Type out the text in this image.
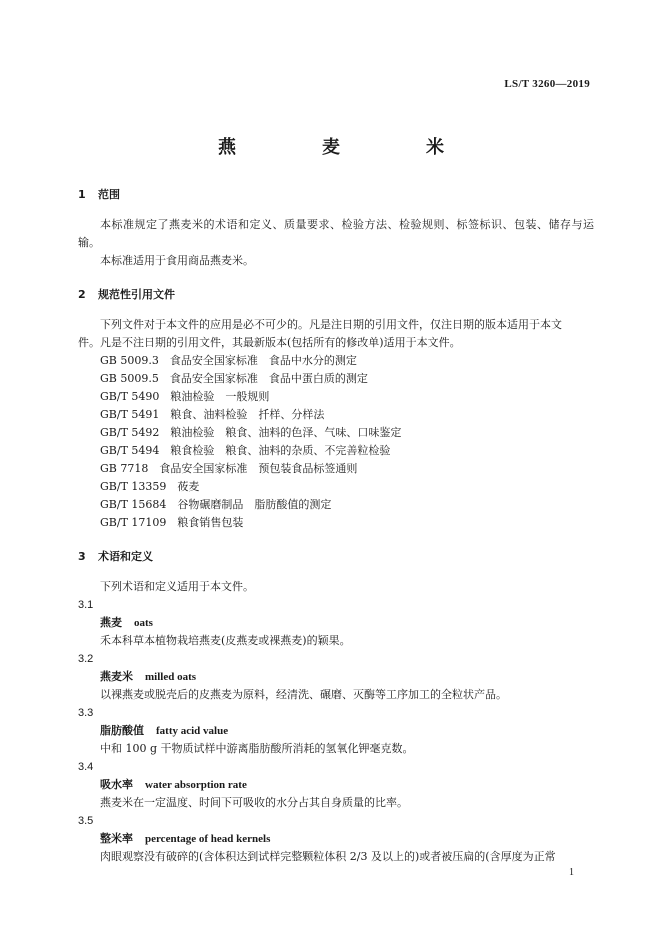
LS/T 3260—2019
燕　麦　米

1 范围

本标准规定了燕麦米的术语和定义、质量要求、检验方法、检验规则、标签标识、包装、储存与运输。

本标准适用于食用商品燕麦米。

2 规范性引用文件

下列文件对于本文件的应用是必不可少的。凡是注日期的引用文件，仅注日期的版本适用于本文

件。凡是不注日期的引用文件，其最新版本(包括所有的修改单)适用于本文件。

GB 5009.3　食品安全国家标准　食品中水分的测定

GB 5009.5　食品安全国家标准　食品中蛋白质的测定

GB/T 5490　粮油检验　一般规则

GB/T 5491　粮食、油料检验　扦样、分样法

GB/T 5492　粮油检验　粮食、油料的色泽、气味、口味鉴定

GB/T 5494　粮食检验　粮食、油料的杂质、不完善粒检验

GB 7718　食品安全国家标准　预包装食品标签通则

GB/T 13359　莜麦

GB/T 15684　谷物碾磨制品　脂肪酸值的测定

GB/T 17109　粮食销售包装

3 术语和定义

下列术语和定义适用于本文件。

3.1

燕麦 oats

禾本科草本植物栽培燕麦(皮燕麦或裸燕麦)的颖果。

3.2

燕麦米 milled oats

以裸燕麦或脱壳后的皮燕麦为原料，经清洗、碾磨、灭酶等工序加工的全粒状产品。

3.3

脂肪酸值 fatty acid value

中和 100 g 干物质试样中游离脂肪酸所消耗的氢氧化钾毫克数。

3.4

吸水率 water absorption rate

燕麦米在一定温度、时间下可吸收的水分占其自身质量的比率。

3.5

整米率 percentage of head kernels

肉眼观察没有破碎的(含体积达到试样完整颗粒体积 2/3 及以上的)或者被压扁的(含厚度为正常

1
